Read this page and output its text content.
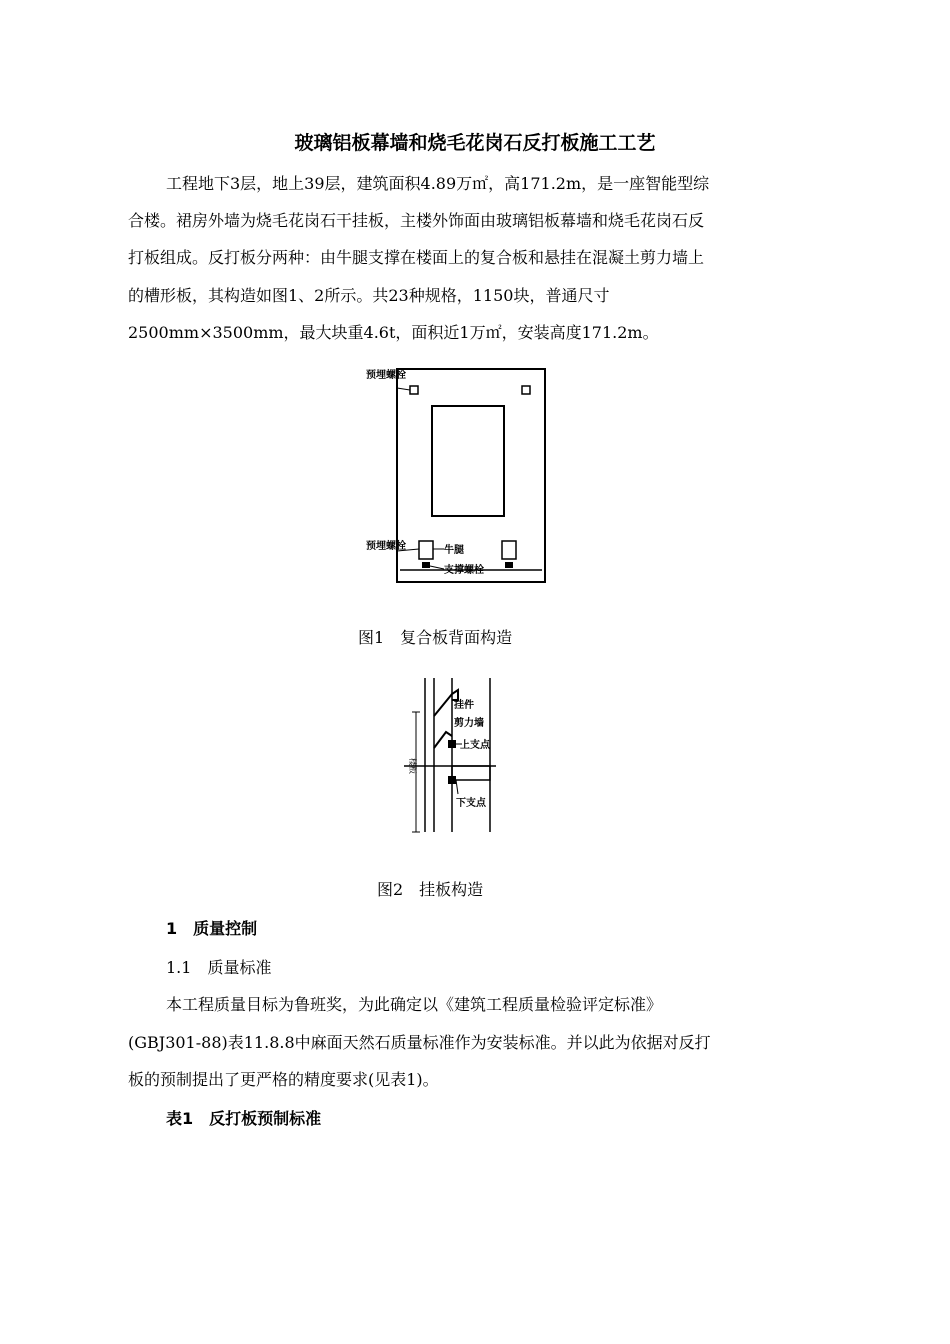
玻璃铝板幕墙和烧毛花岗石反打板施工工艺
工程地下3层，地上39层，建筑面积4.89万㎡，高171.2m，是一座智能型综
合楼。裙房外墙为烧毛花岗石干挂板，主楼外饰面由玻璃铝板幕墙和烧毛花岗石反
打板组成。反打板分两种：由牛腿支撑在楼面上的复合板和悬挂在混凝土剪力墙上
的槽形板，其构造如图1、2所示。共23种规格，1150块，普通尺寸
2500mm×3500mm，最大块重4.6t，面积近1万㎡，安装高度171.2m。
预埋螺栓
预埋螺栓	牛腿
支撑螺栓
图1　复合板背面构造
挂件
剪力墙
上支点
下支点
楼板
图2　挂板构造
1　质量控制
1.1　质量标准
本工程质量目标为鲁班奖，为此确定以《建筑工程质量检验评定标准》
(GBJ301-88)表11.8.8中麻面天然石质量标准作为安装标准。并以此为依据对反打
板的预制提出了更严格的精度要求(见表1)。
表1　反打板预制标准
